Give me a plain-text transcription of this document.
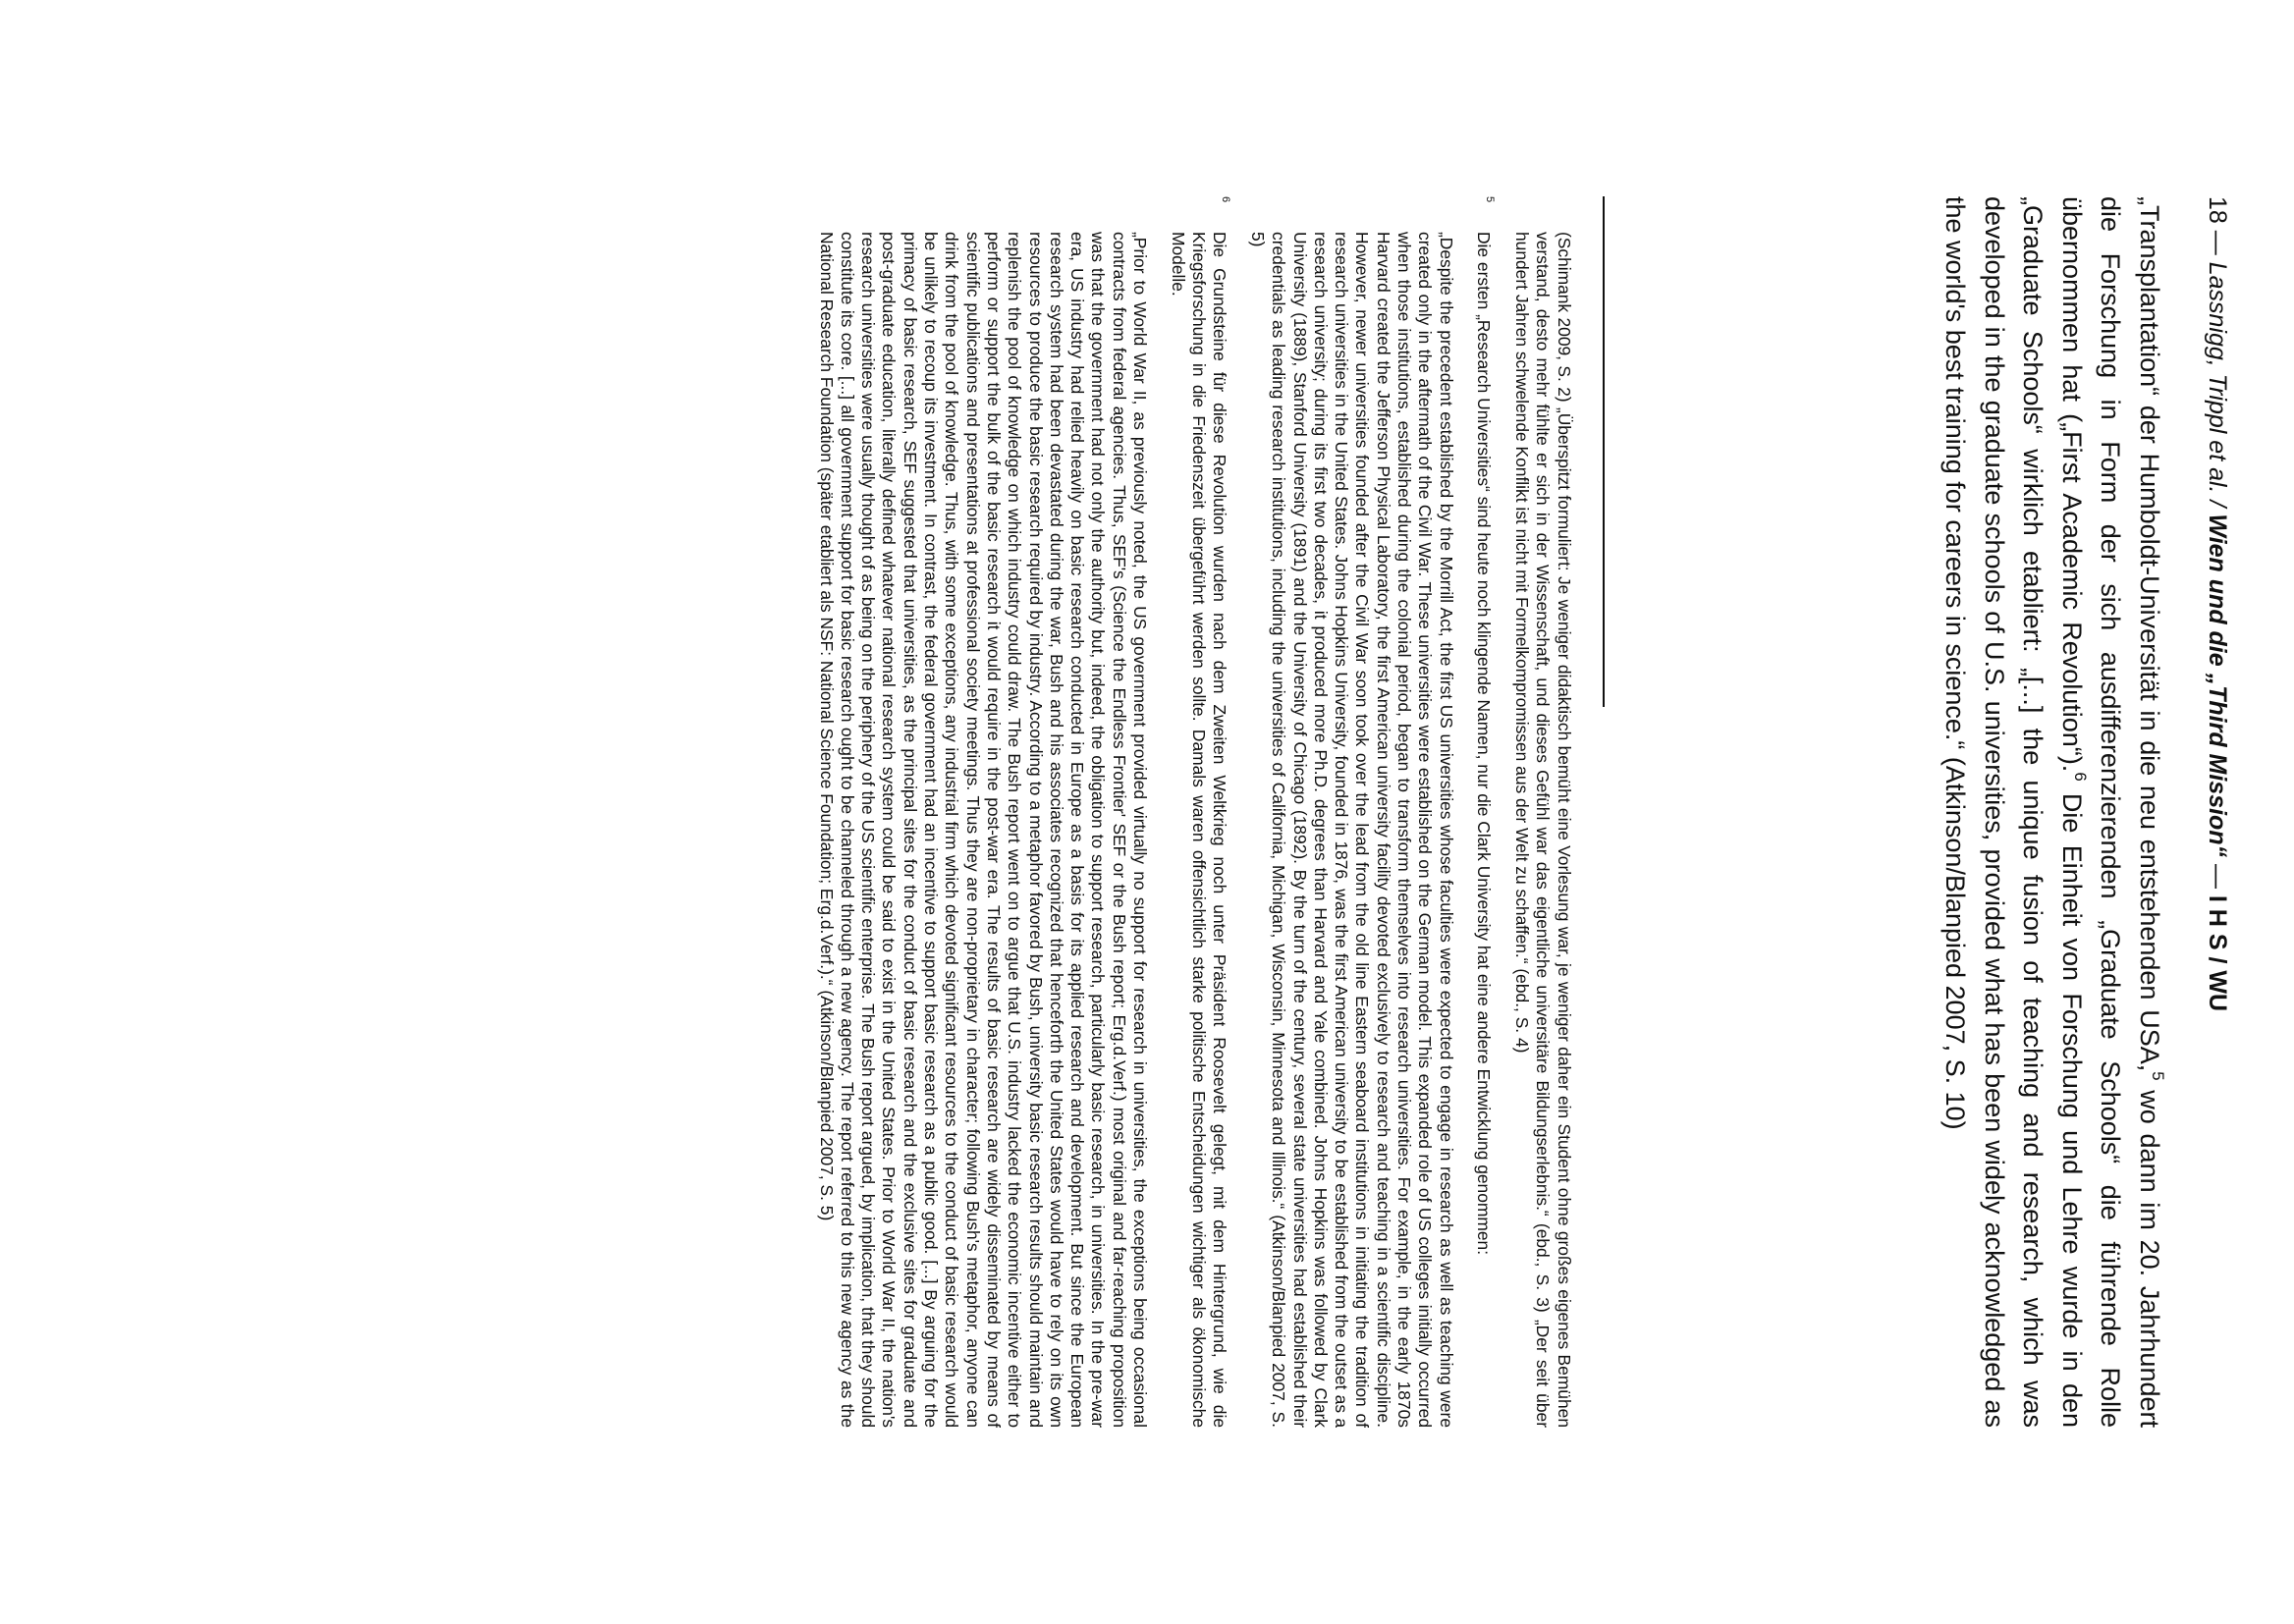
18 — Lassnigg, Trippl et al. / Wien und die „Third Mission“ — I H S / WU

„Transplantation“ der Humboldt-Universität in die neu entstehenden USA,$^5$ wo dann im 20. Jahrhundert die Forschung in Form der sich ausdifferenzierenden „Graduate Schools“ die führende Rolle übernommen hat („First Academic Revolution“).$^6$ Die Einheit von Forschung und Lehre wurde in den „Graduate Schools“ wirklich etabliert: „[...] the unique fusion of teaching and research, which was developed in the graduate schools of U.S. universities, provided what has been widely acknowledged as the world's best training for careers in science.“ (Atkinson/Blanpied 2007, S. 10)

(Schimank 2009, S. 2) „Überspitzt formuliert: Je weniger didaktisch bemüht eine Vorlesung war, je weniger daher ein Student ohne großes eigenes Bemühen verstand, desto mehr fühlte er sich in der Wissenschaft, und dieses Gefühl war das eigentliche universitäre Bildungserlebnis.“ (ebd., S. 3) „Der seit über hundert Jahren schwelende Konflikt ist nicht mit Formelkompromissen aus der Welt zu schaffen.“ (ebd., S. 4)

5

Die ersten „Research Universities“ sind heute noch klingende Namen, nur die Clark University hat eine andere Entwicklung genommen:

„Despite the precedent established by the Morrill Act, the first US universities whose faculties were expected to engage in research as well as teaching were created only in the aftermath of the Civil War. These universities were established on the German model. This expanded role of US colleges initially occurred when those institutions, established during the colonial period, began to transform themselves into research universities. For example, in the early 1870s Harvard created the Jefferson Physical Laboratory, the first American university facility devoted exclusively to research and teaching in a scientific discipline. However, newer universities founded after the Civil War soon took over the lead from the old line Eastern seaboard institutions in initiating the tradition of research universities in the United States. Johns Hopkins University, founded in 1876, was the first American university to be established from the outset as a research university; during its first two decades, it produced more Ph.D. degrees than Harvard and Yale combined. Johns Hopkins was followed by Clark University (1889), Stanford University (1891) and the University of Chicago (1892). By the turn of the century, several state universities had established their credentials as leading research institutions, including the universities of California, Michigan, Wisconsin, Minnesota and Illinois.“ (Atkinson/Blanpied 2007, S. 5)

6

Die Grundsteine für diese Revolution wurden nach dem Zweiten Weltkrieg noch unter Präsident Roosevelt gelegt, mit dem Hintergrund, wie die Kriegsforschung in die Friedenszeit übergeführt werden sollte. Damals waren offensichtlich starke politische Entscheidungen wichtiger als ökonomische Modelle.

„Prior to World War II, as previously noted, the US government provided virtually no support for research in universities, the exceptions being occasional contracts from federal agencies. Thus, SEF's (Science the Endless Frontier' SEF or the Bush report; Erg.d.Verf.) most original and far-reaching proposition was that the government had not only the authority but, indeed, the obligation to support research, particularly basic research, in universities. In the pre-war era, US industry had relied heavily on basic research conducted in Europe as a basis for its applied research and development. But since the European research system had been devastated during the war, Bush and his associates recognized that henceforth the United States would have to rely on its own resources to produce the basic research required by industry. According to a metaphor favored by Bush, university basic research results should maintain and replenish the pool of knowledge on which industry could draw. The Bush report went on to argue that U.S. industry lacked the economic incentive either to perform or support the bulk of the basic research it would require in the post-war era. The results of basic research are widely disseminated by means of scientific publications and presentations at professional society meetings. Thus they are non-proprietary in character; following Bush's metaphor, anyone can drink from the pool of knowledge. Thus, with some exceptions, any industrial firm which devoted significant resources to the conduct of basic research would be unlikely to recoup its investment. In contrast, the federal government had an incentive to support basic research as a public good. [...] By arguing for the primacy of basic research, SEF suggested that universities, as the principal sites for the conduct of basic research and the exclusive sites for graduate and post-graduate education, literally defined whatever national research system could be said to exist in the United States. Prior to World War II, the nation's research universities were usually thought of as being on the periphery of the US scientific enterprise. The Bush report argued, by implication, that they should constitute its core. [...] all government support for basic research ought to be channeled through a new agency. The report referred to this new agency as the National Research Foundation (später etabliert als NSF: National Science Foundation; Erg.d.Verf.).“ (Atkinson/Blanpied 2007, S. 5)
